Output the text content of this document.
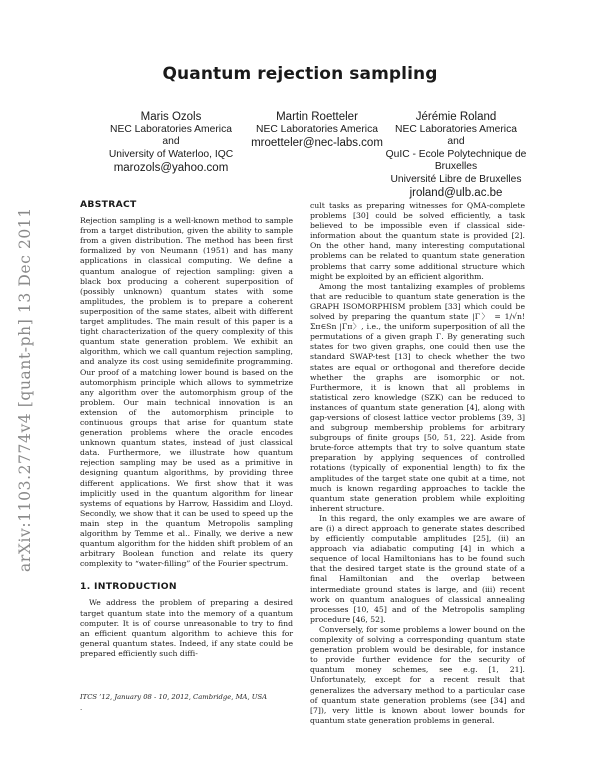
arXiv:1103.2774v4 [quant-ph] 13 Dec 2011
Quantum rejection sampling
Maris Ozols
NEC Laboratories America
and
University of Waterloo, IQC
marozols@yahoo.com
Martin Roetteler
NEC Laboratories America
mroetteler@nec-labs.com
Jérémie Roland
NEC Laboratories America
and
QuIC - Ecole Polytechnique de
Bruxelles
Université Libre de Bruxelles
jroland@ulb.ac.be
ABSTRACT

Rejection sampling is a well-known method to sample from a target distribution, given the ability to sample from a given distribution. The method has been first formalized by von Neumann (1951) and has many applications in classical computing. We define a quantum analogue of rejection sampling: given a black box producing a coherent superposition of (possibly unknown) quantum states with some amplitudes, the problem is to prepare a coherent superposition of the same states, albeit with different target amplitudes. The main result of this paper is a tight characterization of the query complexity of this quantum state generation problem. We exhibit an algorithm, which we call quantum rejection sampling, and analyze its cost using semidefinite programming. Our proof of a matching lower bound is based on the automorphism principle which allows to symmetrize any algorithm over the automorphism group of the problem. Our main technical innovation is an extension of the automorphism principle to continuous groups that arise for quantum state generation problems where the oracle encodes unknown quantum states, instead of just classical data. Furthermore, we illustrate how quantum rejection sampling may be used as a primitive in designing quantum algorithms, by providing three different applications. We first show that it was implicitly used in the quantum algorithm for linear systems of equations by Harrow, Hassidim and Lloyd. Secondly, we show that it can be used to speed up the main step in the quantum Metropolis sampling algorithm by Temme et al.. Finally, we derive a new quantum algorithm for the hidden shift problem of an arbitrary Boolean function and relate its query complexity to “water-filling” of the Fourier spectrum.

1. INTRODUCTION

We address the problem of preparing a desired target quantum state into the memory of a quantum computer. It is of course unreasonable to try to find an efficient quantum algorithm to achieve this for general quantum states. Indeed, if any state could be prepared efficiently such diffi-

cult tasks as preparing witnesses for QMA-complete problems [30] could be solved efficiently, a task believed to be impossible even if classical side-information about the quantum state is provided [2]. On the other hand, many interesting computational problems can be related to quantum state generation problems that carry some additional structure which might be exploited by an efficient algorithm.

Among the most tantalizing examples of problems that are reducible to quantum state generation is the GRAPH ISOMORPHISM problem [33] which could be solved by preparing the quantum state |Γ〉 = 1/√n! Σπ∈Sn |Γπ〉, i.e., the uniform superposition of all the permutations of a given graph Γ. By generating such states for two given graphs, one could then use the standard SWAP-test [13] to check whether the two states are equal or orthogonal and therefore decide whether the graphs are isomorphic or not. Furthermore, it is known that all problems in statistical zero knowledge (SZK) can be reduced to instances of quantum state generation [4], along with gap-versions of closest lattice vector problems [39, 3] and subgroup membership problems for arbitrary subgroups of finite groups [50, 51, 22]. Aside from brute-force attempts that try to solve quantum state preparation by applying sequences of controlled rotations (typically of exponential length) to fix the amplitudes of the target state one qubit at a time, not much is known regarding approaches to tackle the quantum state generation problem while exploiting inherent structure.

In this regard, the only examples we are aware of are (i) a direct approach to generate states described by efficiently computable amplitudes [25], (ii) an approach via adiabatic computing [4] in which a sequence of local Hamiltonians has to be found such that the desired target state is the ground state of a final Hamiltonian and the overlap between intermediate ground states is large, and (iii) recent work on quantum analogues of classical annealing processes [10, 45] and of the Metropolis sampling procedure [46, 52].

Conversely, for some problems a lower bound on the complexity of solving a corresponding quantum state generation problem would be desirable, for instance to provide further evidence for the security of quantum money schemes, see e.g. [1, 21]. Unfortunately, except for a recent result that generalizes the adversary method to a particular case of quantum state generation problems (see [34] and [7]), very little is known about lower bounds for quantum state generation problems in general.

ITCS ’12, January 08 - 10, 2012, Cambridge, MA, USA
.
